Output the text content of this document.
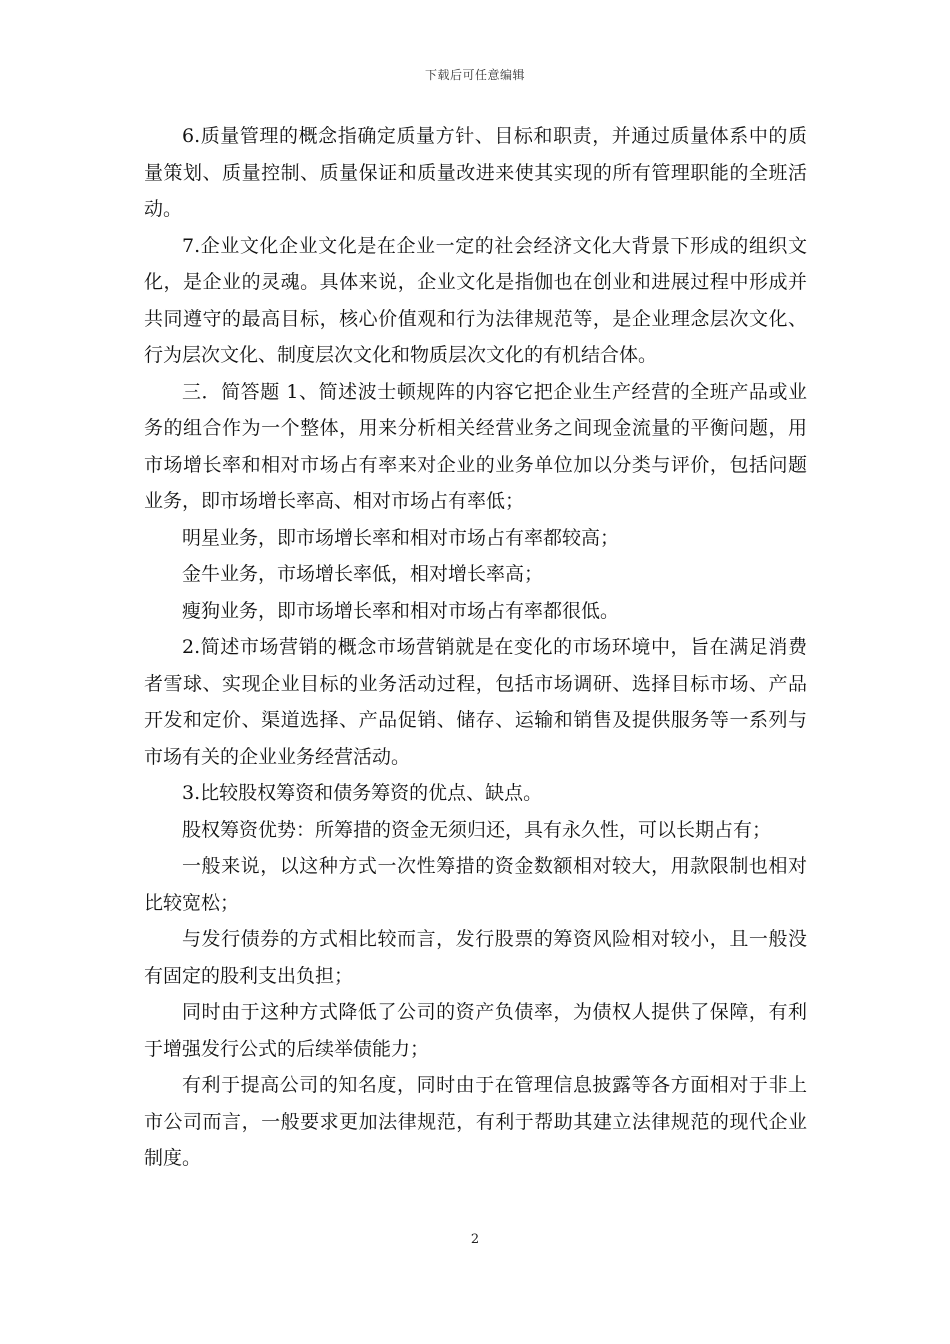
下载后可任意编辑

6.质量管理的概念指确定质量方针、目标和职责，并通过质量体系中的质量策划、质量控制、质量保证和质量改进来使其实现的所有管理职能的全班活动。

7.企业文化企业文化是在企业一定的社会经济文化大背景下形成的组织文化，是企业的灵魂。具体来说，企业文化是指伽也在创业和进展过程中形成并共同遵守的最高目标，核心价值观和行为法律规范等，是企业理念层次文化、行为层次文化、制度层次文化和物质层次文化的有机结合体。

三．简答题 1、简述波士顿规阵的内容它把企业生产经营的全班产品或业务的组合作为一个整体，用来分析相关经营业务之间现金流量的平衡问题，用市场增长率和相对市场占有率来对企业的业务单位加以分类与评价，包括问题业务，即市场增长率高、相对市场占有率低；

明星业务，即市场增长率和相对市场占有率都较高；

金牛业务，市场增长率低，相对增长率高；

瘦狗业务，即市场增长率和相对市场占有率都很低。

2.简述市场营销的概念市场营销就是在变化的市场环境中，旨在满足消费者雪球、实现企业目标的业务活动过程，包括市场调研、选择目标市场、产品开发和定价、渠道选择、产品促销、储存、运输和销售及提供服务等一系列与市场有关的企业业务经营活动。

3.比较股权筹资和债务筹资的优点、缺点。

股权筹资优势：所筹措的资金无须归还，具有永久性，可以长期占有；

一般来说，以这种方式一次性筹措的资金数额相对较大，用款限制也相对比较宽松；

与发行债券的方式相比较而言，发行股票的筹资风险相对较小，且一般没有固定的股利支出负担；

同时由于这种方式降低了公司的资产负债率，为债权人提供了保障，有利于增强发行公式的后续举债能力；

有利于提高公司的知名度，同时由于在管理信息披露等各方面相对于非上市公司而言，一般要求更加法律规范，有利于帮助其建立法律规范的现代企业制度。

2
